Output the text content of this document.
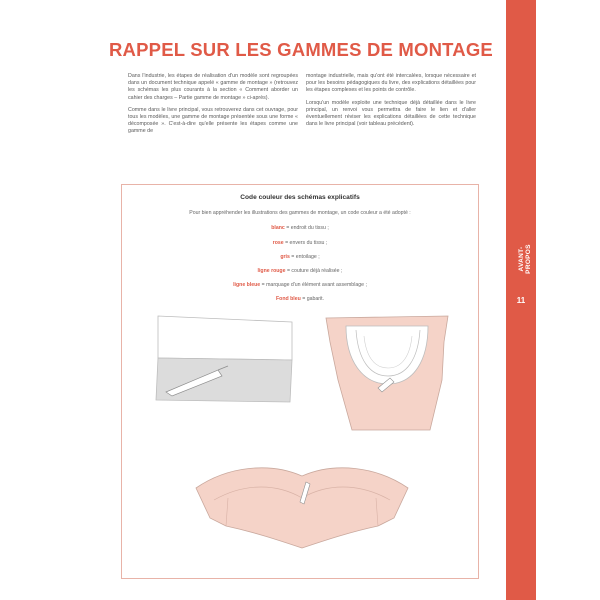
AVANT-PROPOS
11
RAPPEL SUR LES GAMMES DE MONTAGE

Dans l'industrie, les étapes de réalisation d'un modèle sont regroupées dans un document technique appelé « gamme de montage » (retrouvez les schémas les plus courants à la section « Comment aborder un cahier des charges – Partie gamme de montage » ci-après).

Comme dans le livre principal, vous retrouverez dans cet ouvrage, pour tous les modèles, une gamme de montage présentée sous une forme « décomposée ». C'est-à-dire qu'elle présente les étapes comme une gamme de

montage industrielle, mais qu'ont été intercalées, lorsque nécessaire et pour les besoins pédagogiques du livre, des explications détaillées pour les étapes complexes et les points de contrôle.

Lorsqu'un modèle exploite une technique déjà détaillée dans le livre principal, un renvoi vous permettra de faire le lien et d'aller éventuellement réviser les explications détaillées de cette technique dans le livre principal (voir tableau précédent).

Code couleur des schémas explicatifs
Pour bien appréhender les illustrations des gammes de montage, un code couleur a été adopté :
blanc = endroit du tissu ;
rose = envers du tissu ;
gris = entoilage ;
ligne rouge = couture déjà réalisée ;
ligne bleue = marquage d'un élément avant assemblage ;
Fond bleu = gabarit.
